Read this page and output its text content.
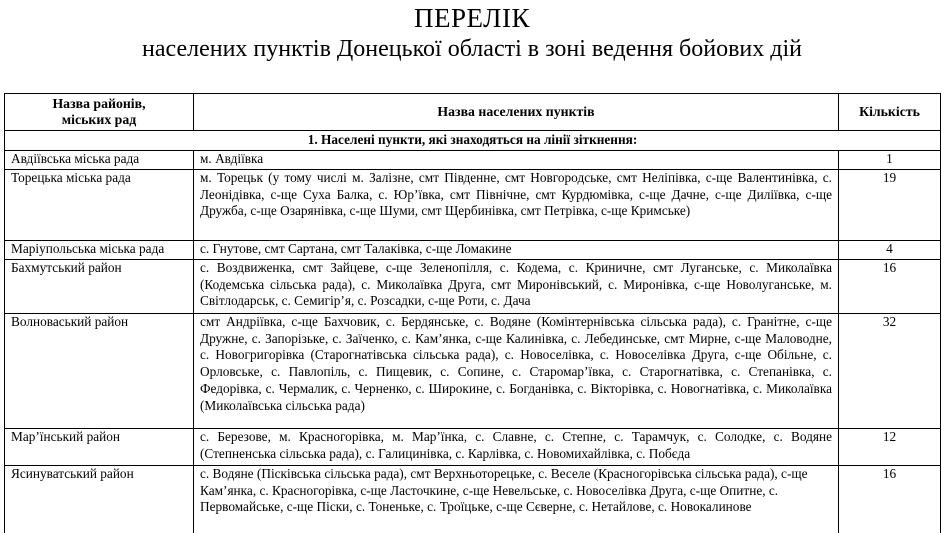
ПЕРЕЛІК
населених пунктів Донецької області в зоні ведення бойових дій
Назва районів,
міських рад	Назва населених пунктів	Кількість
1. Населені пункти, які знаходяться на лінії зіткнення:		
Авдіївська міська рада	м. Авдіївка	1
Торецька міська рада	м. Торецьк (у тому числі м. Залізне, смт Південне, смт Новгородське, смт Неліпівка, с-ще Валентинівка, с. Леонідівка, с-ще Суха Балка, с. Юр’ївка, смт Північне, смт Курдюмівка, с-ще Дачне, с-ще Диліївка, с-ще Дружба, с-ще Озарянівка, с-ще Шуми, смт Щербинівка, смт Петрівка, с-ще Кримське)	19
Маріупольська міська рада	с. Гнутове, смт Сартана, смт Талаківка, с-ще Ломакине	4
Бахмутський район	с. Воздвиженка, смт Зайцеве, с-ще Зеленопілля, с. Кодема, с. Криничне, смт Луганське, с. Миколаївка (Кодемська сільська рада), с. Миколаївка Друга, смт Миронівський, с. Миронівка, с-ще Новолуганське, м. Світлодарськ, с. Семигір’я, с. Розсадки, с-ще Роти, с. Дача	16
Волноваський район	смт Андріївка, с-ще Бахчовик, с. Бердянське, с. Водяне (Комінтернівська сільська рада), с. Гранітне, с-ще Дружне, с. Запорізьке, с. Заїченко, с. Кам’янка, с-ще Калинівка, с. Лебединське, смт Мирне, с-ще Маловодне, с. Новогригорівка (Старогнатівська сільська рада), с. Новоселівка, с. Новоселівка Друга, с-ще Обільне, с. Орловське, с. Павлопіль, с. Пищевик, с. Сопине, с. Старомар’ївка, с. Старогнатівка, с. Степанівка, с. Федорівка, с. Чермалик, с. Черненко, с. Широкине, с. Богданівка, с. Вікторівка, с. Новогнатівка, с. Миколаївка (Миколаївська сільська рада)	32
Мар’їнський район	с. Березове, м. Красногорівка, м. Мар’їнка, с. Славне, с. Степне, с. Тарамчук, с. Солодке, с. Водяне (Степненська сільська рада), с. Галицинівка, с. Карлівка, с. Новомихайлівка, с. Побєда	12
Ясинуватський район	с. Водяне (Пісківська сільська рада), смт Верхньоторецьке, с. Веселе (Красногорівська сільська рада), с-ще Кам’янка, с. Красногорівка, с-ще Ласточкине, с-ще Невельське, с. Новоселівка Друга, с-ще Опитне, с. Первомайське, с-ще Піски, с. Тоненьке, с. Троїцьке, с-ще Сєверне, с. Нетайлове, с. Новокалинове	16
